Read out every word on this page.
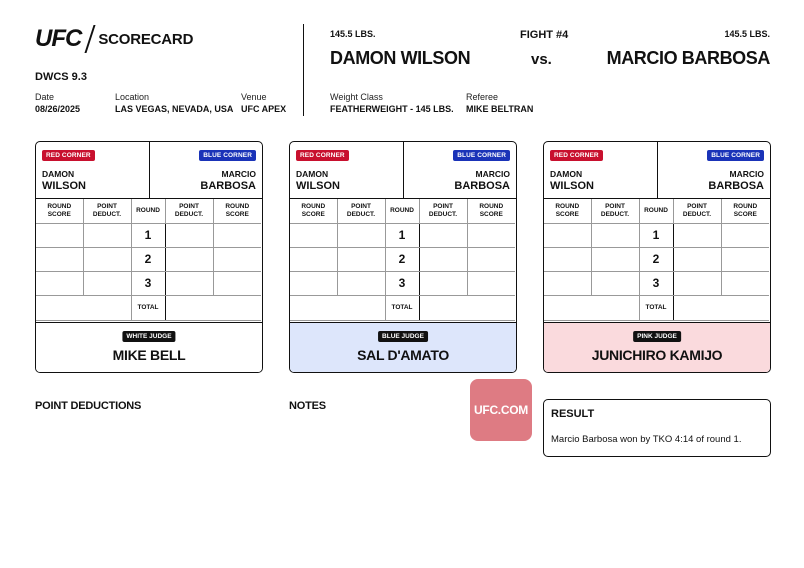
UFC SCORECARD
DWCS 9.3
Date
08/26/2025
Location
LAS VEGAS, NEVADA, USA
Venue
UFC APEX
145.5 LBS.
DAMON WILSON
FIGHT #4
vs.
145.5 LBS.
MARCIO BARBOSA
Weight Class
FEATHERWEIGHT - 145 LBS.
Referee
MIKE BELTRAN
RED CORNER	BLUE CORNER
DAMON
WILSON
MARCIO
BARBOSA
ROUND SCORE	POINT DEDUCT.	ROUND	POINT DEDUCT.	ROUND SCORE
		1		
		2		
		3		
		TOTAL		
WHITE JUDGE
MIKE BELL
RED CORNER	BLUE CORNER
DAMON
WILSON
MARCIO
BARBOSA
ROUND SCORE	POINT DEDUCT.	ROUND	POINT DEDUCT.	ROUND SCORE
		1		
		2		
		3		
		TOTAL		
BLUE JUDGE
SAL D'AMATO
RED CORNER	BLUE CORNER
DAMON
WILSON
MARCIO
BARBOSA
ROUND SCORE	POINT DEDUCT.	ROUND	POINT DEDUCT.	ROUND SCORE
		1		
		2		
		3		
		TOTAL		
PINK JUDGE
JUNICHIRO KAMIJO
POINT DEDUCTIONS	NOTES	UFC.COM	RESULT
Marcio Barbosa won by TKO 4:14 of round 1.
